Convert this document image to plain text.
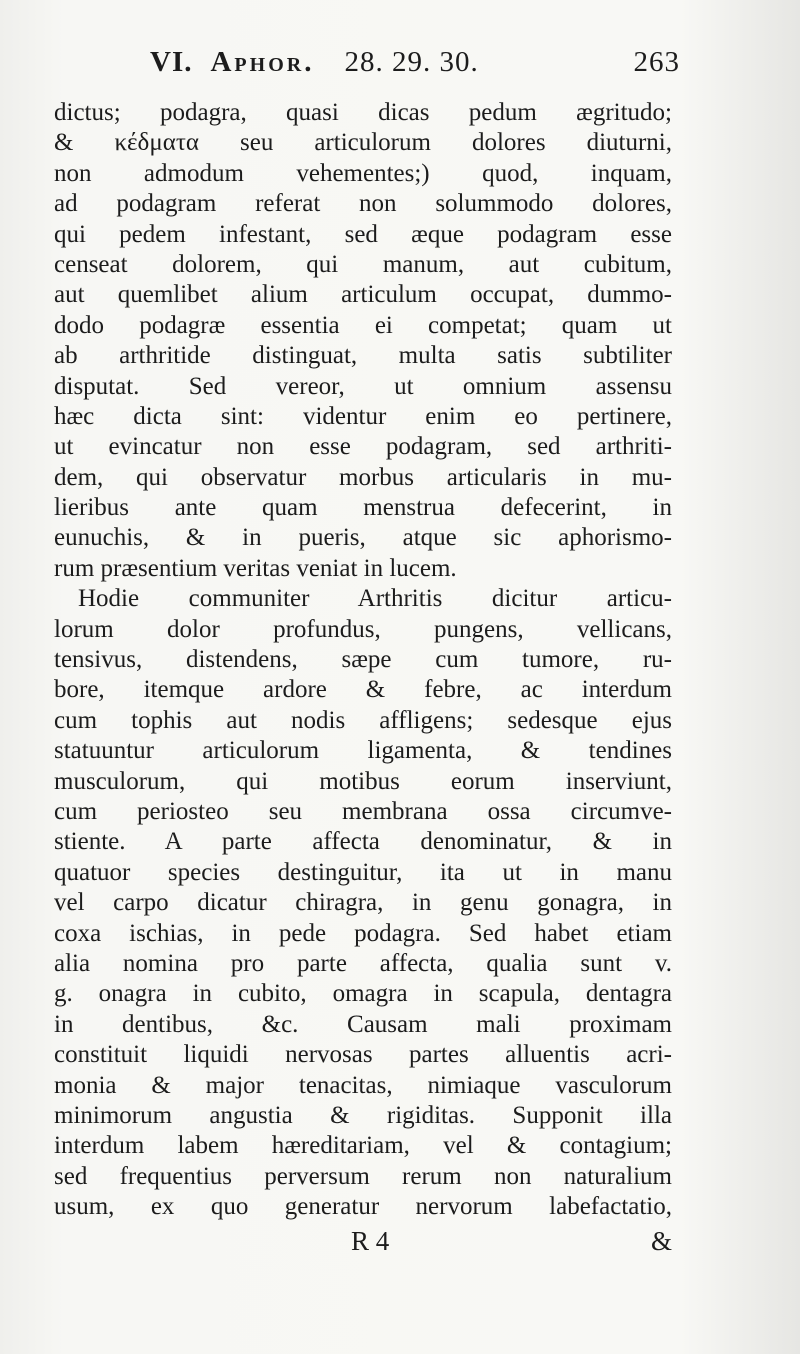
VI. Aphor. 28. 29. 30.	263
dictus; podagra, quasi dicas pedum ægritudo;
& κέδματα seu articulorum dolores diuturni,
non admodum vehementes;) quod, inquam,
ad podagram referat non solummodo dolores,
qui pedem infestant, sed æque podagram esse
censeat dolorem, qui manum, aut cubitum,
aut quemlibet alium articulum occupat, dummo-
dodo podagræ essentia ei competat; quam ut
ab arthritide distinguat, multa satis subtiliter
disputat. Sed vereor, ut omnium assensu
hæc dicta sint: videntur enim eo pertinere,
ut evincatur non esse podagram, sed arthriti-
dem, qui observatur morbus articularis in mu-
lieribus ante quam menstrua defecerint, in
eunuchis, & in pueris, atque sic aphorismo-
rum præsentium veritas veniat in lucem.
Hodie communiter Arthritis dicitur articu-
lorum dolor profundus, pungens, vellicans,
tensivus, distendens, sæpe cum tumore, ru-
bore, itemque ardore & febre, ac interdum
cum tophis aut nodis affligens; sedesque ejus
statuuntur articulorum ligamenta, & tendines
musculorum, qui motibus eorum inserviunt,
cum periosteo seu membrana ossa circumve-
stiente. A parte affecta denominatur, & in
quatuor species destinguitur, ita ut in manu
vel carpo dicatur chiragra, in genu gonagra, in
coxa ischias, in pede podagra. Sed habet etiam
alia nomina pro parte affecta, qualia sunt v.
g. onagra in cubito, omagra in scapula, dentagra
in dentibus, &c. Causam mali proximam
constituit liquidi nervosas partes alluentis acri-
monia & major tenacitas, nimiaque vasculorum
minimorum angustia & rigiditas. Supponit illa
interdum labem hæreditariam, vel & contagium;
sed frequentius perversum rerum non naturalium
usum, ex quo generatur nervorum labefactatio,
R 4	&
